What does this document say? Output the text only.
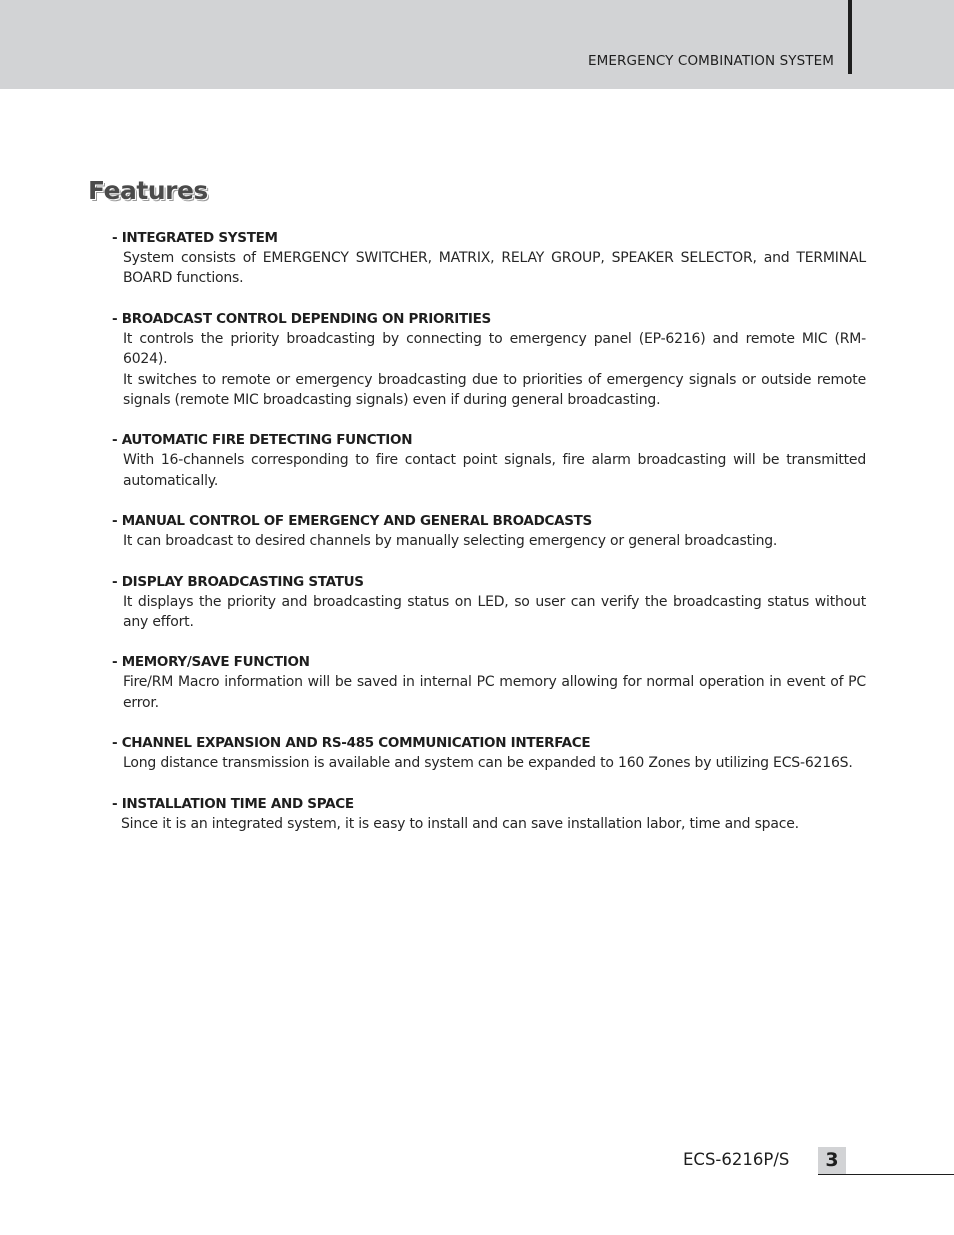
EMERGENCY COMBINATION SYSTEM
Features
- INTEGRATED SYSTEM

System consists of EMERGENCY SWITCHER, MATRIX, RELAY GROUP, SPEAKER SELECTOR, and TERMINAL BOARD functions.

- BROADCAST CONTROL DEPENDING ON PRIORITIES

It controls the priority broadcasting by connecting to emergency panel (EP-6216) and remote MIC (RM-6024).

It switches to remote or emergency broadcasting due to priorities of emergency signals or outside remote signals (remote MIC broadcasting signals) even if during general broadcasting.

- AUTOMATIC FIRE DETECTING FUNCTION

With 16-channels corresponding to fire contact point signals, fire alarm broadcasting will be transmitted automatically.

- MANUAL CONTROL OF EMERGENCY AND GENERAL BROADCASTS

It can broadcast to desired channels by manually selecting emergency or general broadcasting.

- DISPLAY BROADCASTING STATUS

It displays the priority and broadcasting status on LED, so user can verify the broadcasting status without any effort.

- MEMORY/SAVE FUNCTION

Fire/RM Macro information will be saved in internal PC memory allowing for normal operation in event of PC error.

- CHANNEL EXPANSION AND RS-485 COMMUNICATION INTERFACE

Long distance transmission is available and system can be expanded to 160 Zones by utilizing ECS-6216S.

- INSTALLATION TIME AND SPACE

Since it is an integrated system, it is easy to install and can save installation labor, time and space.

ECS-6216P/S	3
